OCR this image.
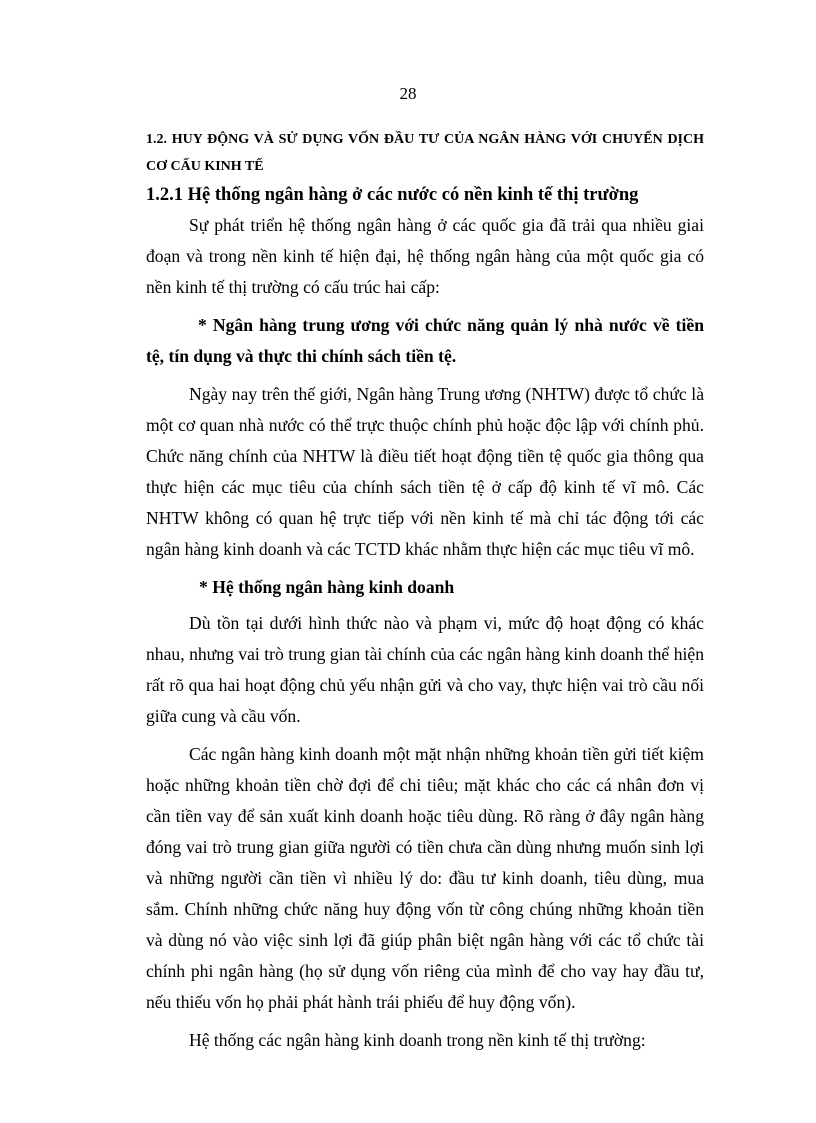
28
1.2. HUY ĐỘNG VÀ SỬ DỤNG VỐN ĐẦU TƯ CỦA NGÂN HÀNG VỚI CHUYỂN DỊCH CƠ CẤU KINH TẾ
1.2.1 Hệ thống ngân hàng ở các nước có nền kinh tế thị trường

Sự phát triển hệ thống ngân hàng ở các quốc gia đã trải qua nhiều giai đoạn và trong nền kinh tế hiện đại, hệ thống ngân hàng của một quốc gia có nền kinh tế thị trường có cấu trúc hai cấp:

* Ngân hàng trung ương với chức năng quản lý nhà nước về tiền tệ, tín dụng và thực thi chính sách tiền tệ.

Ngày nay trên thế giới, Ngân hàng Trung ương (NHTW) được tổ chức là một cơ quan nhà nước có thể trực thuộc chính phủ hoặc độc lập với chính phủ. Chức năng chính của NHTW là điều tiết hoạt động tiền tệ quốc gia thông qua thực hiện các mục tiêu của chính sách tiền tệ ở cấp độ kinh tế vĩ mô. Các NHTW không có quan hệ trực tiếp với nền kinh tế mà chỉ tác động tới các ngân hàng kinh doanh và các TCTD khác nhằm thực hiện các mục tiêu vĩ mô.

* Hệ thống ngân hàng kinh doanh

Dù tồn tại dưới hình thức nào và phạm vi, mức độ hoạt động có khác nhau, nhưng vai trò trung gian tài chính của các ngân hàng kinh doanh thể hiện rất rõ qua hai hoạt động chủ yếu nhận gửi và cho vay, thực hiện vai trò cầu nối giữa cung và cầu vốn.

Các ngân hàng kinh doanh một mặt nhận những khoản tiền gửi tiết kiệm hoặc những khoản tiền chờ đợi để chi tiêu; mặt khác cho các cá nhân đơn vị cần tiền vay để sản xuất kinh doanh hoặc tiêu dùng. Rõ ràng ở đây ngân hàng đóng vai trò trung gian giữa người có tiền chưa cần dùng nhưng muốn sinh lợi và những người cần tiền vì nhiều lý do: đầu tư kinh doanh, tiêu dùng, mua sắm. Chính những chức năng huy động vốn từ công chúng những khoản tiền và dùng nó vào việc sinh lợi đã giúp phân biệt ngân hàng với các tổ chức tài chính phi ngân hàng (họ sử dụng vốn riêng của mình để cho vay hay đầu tư, nếu thiếu vốn họ phải phát hành trái phiếu để huy động vốn).

Hệ thống các ngân hàng kinh doanh trong nền kinh tế thị trường:
